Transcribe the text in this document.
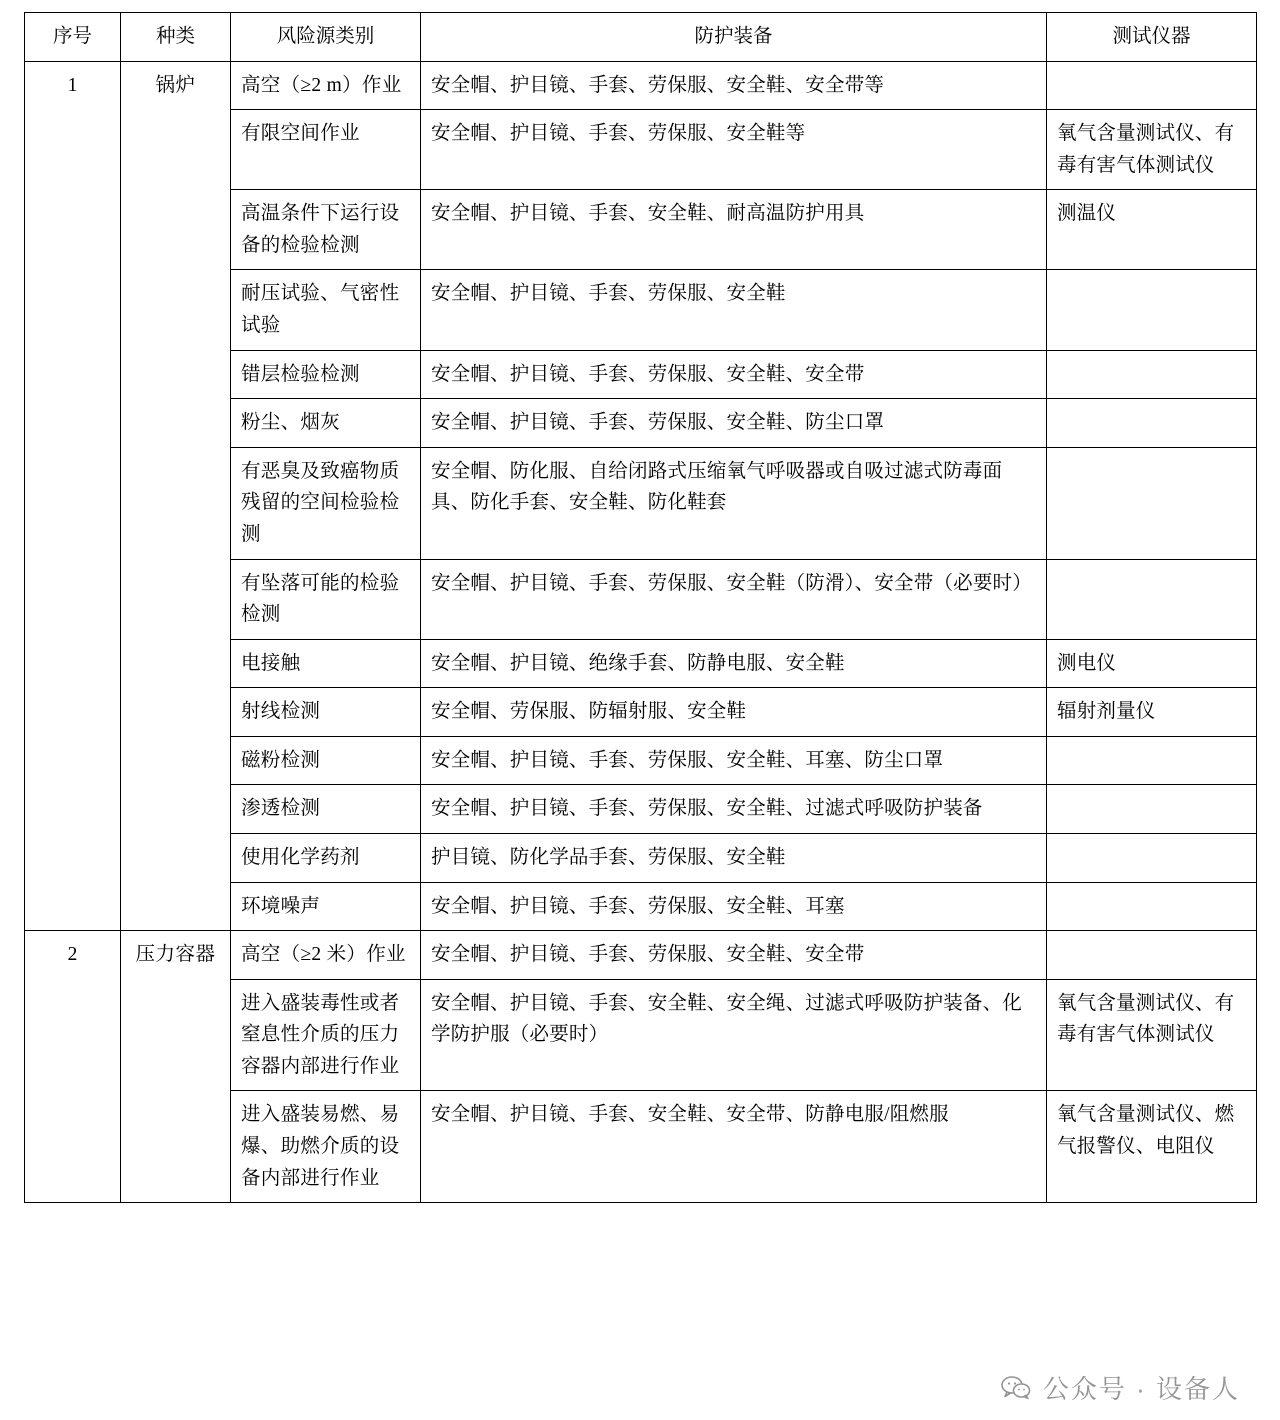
序号	种类	风险源类别	防护装备	测试仪器
1	锅炉	高空（≥2 m）作业	安全帽、护目镜、手套、劳保服、安全鞋、安全带等	
		有限空间作业	安全帽、护目镜、手套、劳保服、安全鞋等	氧气含量测试仪、有毒有害气体测试仪
		高温条件下运行设备的检验检测	安全帽、护目镜、手套、安全鞋、耐高温防护用具	测温仪
		耐压试验、气密性试验	安全帽、护目镜、手套、劳保服、安全鞋	
		错层检验检测	安全帽、护目镜、手套、劳保服、安全鞋、安全带	
		粉尘、烟灰	安全帽、护目镜、手套、劳保服、安全鞋、防尘口罩	
		有恶臭及致癌物质残留的空间检验检测	安全帽、防化服、自给闭路式压缩氧气呼吸器或自吸过滤式防毒面具、防化手套、安全鞋、防化鞋套	
		有坠落可能的检验检测	安全帽、护目镜、手套、劳保服、安全鞋（防滑）、安全带（必要时）	
		电接触	安全帽、护目镜、绝缘手套、防静电服、安全鞋	测电仪
		射线检测	安全帽、劳保服、防辐射服、安全鞋	辐射剂量仪
		磁粉检测	安全帽、护目镜、手套、劳保服、安全鞋、耳塞、防尘口罩	
		渗透检测	安全帽、护目镜、手套、劳保服、安全鞋、过滤式呼吸防护装备	
		使用化学药剂	护目镜、防化学品手套、劳保服、安全鞋	
		环境噪声	安全帽、护目镜、手套、劳保服、安全鞋、耳塞	
2	压力容器	高空（≥2 米）作业	安全帽、护目镜、手套、劳保服、安全鞋、安全带	
		进入盛装毒性或者窒息性介质的压力容器内部进行作业	安全帽、护目镜、手套、安全鞋、安全绳、过滤式呼吸防护装备、化学防护服（必要时）	氧气含量测试仪、有毒有害气体测试仪
		进入盛装易燃、易爆、助燃介质的设备内部进行作业	安全帽、护目镜、手套、安全鞋、安全带、防静电服/阻燃服	氧气含量测试仪、燃气报警仪、电阻仪
公众号 · 设备人
